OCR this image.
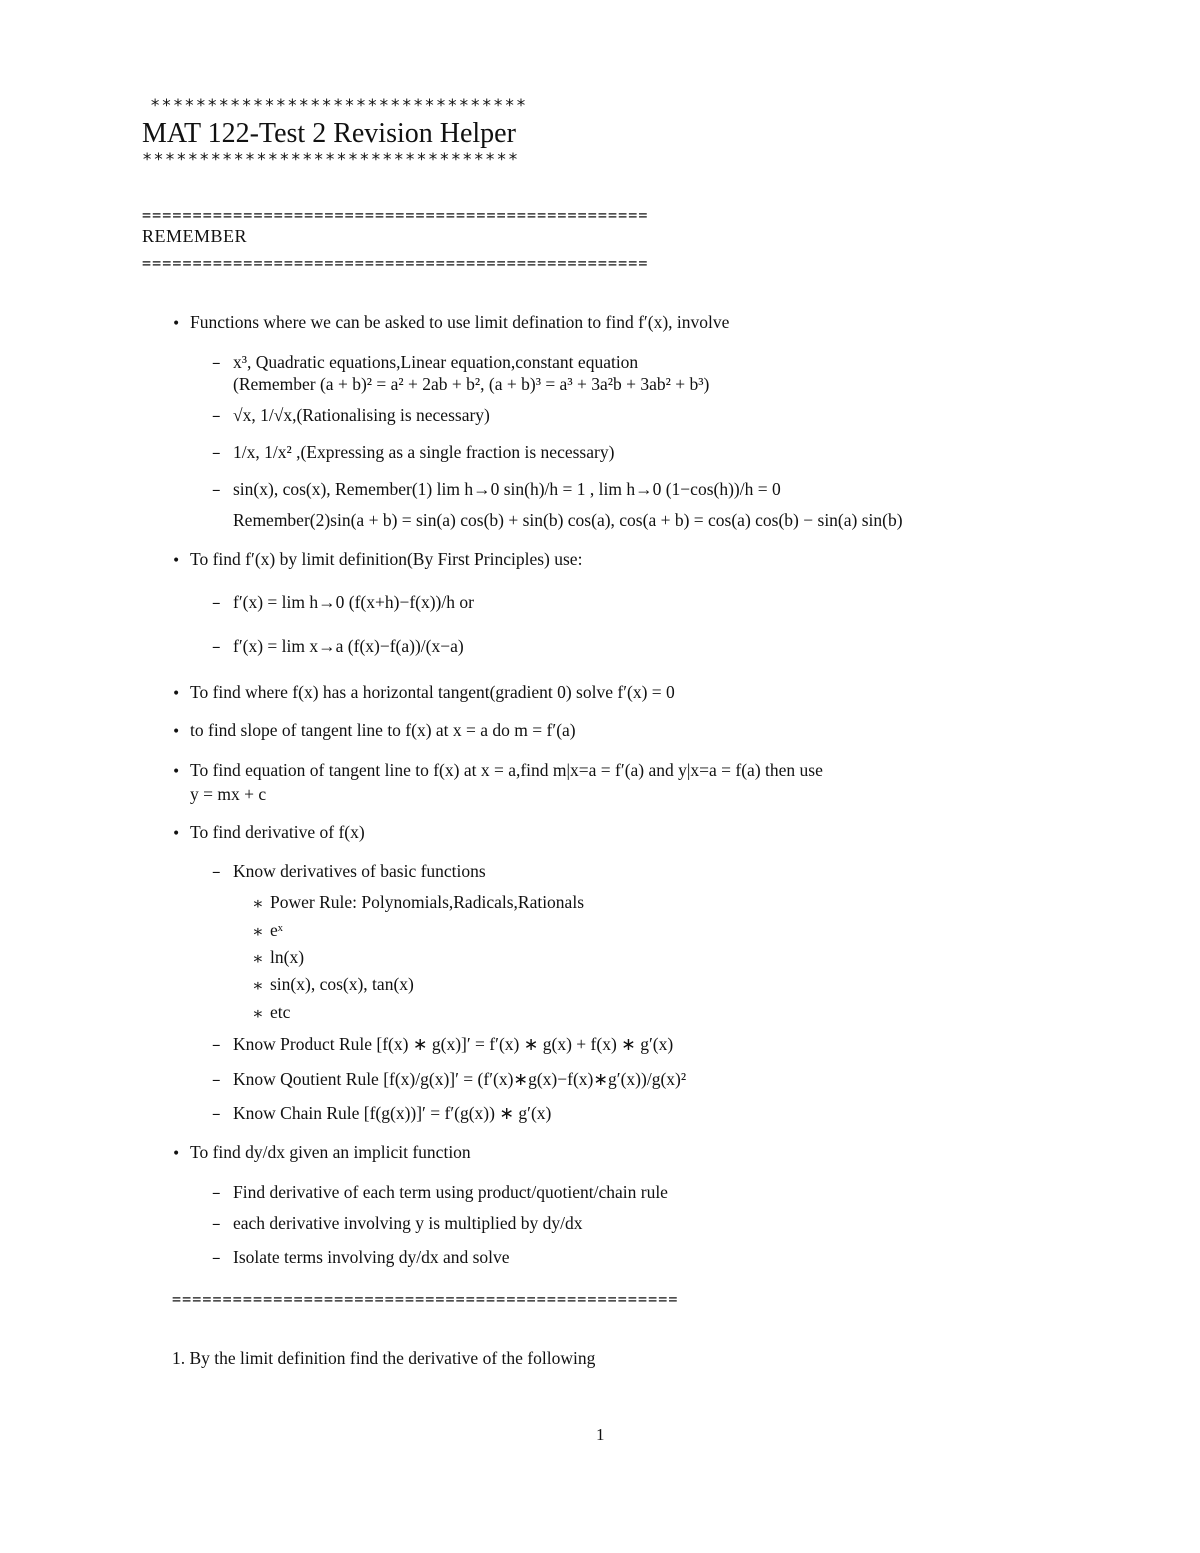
*********************************
MAT 122-Test 2 Revision Helper
*********************************
==================================================
REMEMBER
==================================================
• Functions where we can be asked to use limit defination to find f′(x), involve
– x³, Quadratic equations,Linear equation,constant equation
(Remember (a + b)² = a² + 2ab + b², (a + b)³ = a³ + 3a²b + 3ab² + b³)
– √x, 1/√x,(Rationalising is necessary)
– 1/x, 1/x² ,(Expressing as a single fraction is necessary)
– sin(x), cos(x), Remember(1) lim h→0 sin(h)/h = 1 , lim h→0 (1−cos(h))/h = 0
Remember(2)sin(a + b) = sin(a) cos(b) + sin(b) cos(a), cos(a + b) = cos(a) cos(b) − sin(a) sin(b)
• To find f′(x) by limit definition(By First Principles) use:
– f′(x) = lim h→0 (f(x+h)−f(x))/h or
– f′(x) = lim x→a (f(x)−f(a))/(x−a)
• To find where f(x) has a horizontal tangent(gradient 0) solve f′(x) = 0
• to find slope of tangent line to f(x) at x = a do m = f′(a)
• To find equation of tangent line to f(x) at x = a,find m|x=a = f′(a) and y|x=a = f(a) then use
y = mx + c
• To find derivative of f(x)
– Know derivatives of basic functions
∗ Power Rule: Polynomials,Radicals,Rationals
∗ eˣ
∗ ln(x)
∗ sin(x), cos(x), tan(x)
∗ etc
– Know Product Rule [f(x) ∗ g(x)]′ = f′(x) ∗ g(x) + f(x) ∗ g′(x)
– Know Qoutient Rule [f(x)/g(x)]′ = (f′(x)∗g(x)−f(x)∗g′(x))/g(x)²
– Know Chain Rule [f(g(x))]′ = f′(g(x)) ∗ g′(x)
• To find dy/dx given an implicit function
– Find derivative of each term using product/quotient/chain rule
– each derivative involving y is multiplied by dy/dx
– Isolate terms involving dy/dx and solve
==================================================
1. By the limit definition find the derivative of the following
1
